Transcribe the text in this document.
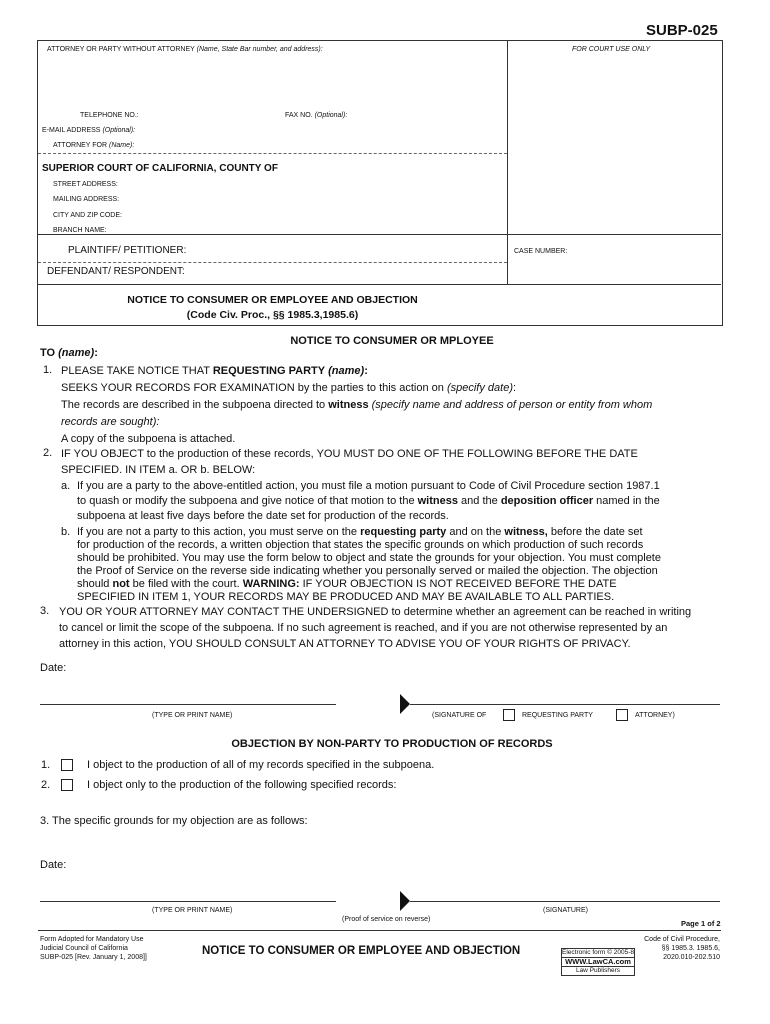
SUBP-025
ATTORNEY OR PARTY WITHOUT ATTORNEY (Name, State Bar number, and address):	FOR COURT USE ONLY
TELEPHONE NO.:	FAX NO. (Optional):
E-MAIL ADDRESS (Optional):
ATTORNEY FOR (Name):
SUPERIOR COURT OF CALIFORNIA, COUNTY OF
STREET ADDRESS:
MAILING ADDRESS:
CITY AND ZIP CODE:
BRANCH NAME:
PLAINTIFF/ PETITIONER:	CASE NUMBER:
DEFENDANT/ RESPONDENT:
NOTICE TO CONSUMER OR EMPLOYEE AND OBJECTION
(Code Civ. Proc., §§ 1985.3,1985.6)
NOTICE TO CONSUMER OR MPLOYEE
TO (name):
1. PLEASE TAKE NOTICE THAT REQUESTING PARTY (name):
SEEKS YOUR RECORDS FOR EXAMINATION by the parties to this action on (specify date):
The records are described in the subpoena directed to witness (specify name and address of person or entity from whom
records are sought):
A copy of the subpoena is attached.
2. IF YOU OBJECT to the production of these records, YOU MUST DO ONE OF THE FOLLOWING BEFORE THE DATE
SPECIFIED. IN ITEM a. OR b. BELOW:
a. If you are a party to the above-entitled action, you must file a motion pursuant to Code of Civil Procedure section 1987.1
to quash or modify the subpoena and give notice of that motion to the witness and the deposition officer named in the
subpoena at least five days before the date set for production of the records.
b. If you are not a party to this action, you must serve on the requesting party and on the witness, before the date set
for production of the records, a written objection that states the specific grounds on which production of such records
should be prohibited. You may use the form below to object and state the grounds for your objection. You must complete
the Proof of Service on the reverse side indicating whether you personally served or mailed the objection. The objection
should not be filed with the court. WARNING: IF YOUR OBJECTION IS NOT RECEIVED BEFORE THE DATE
SPECIFIED IN ITEM 1, YOUR RECORDS MAY BE PRODUCED AND MAY BE AVAILABLE TO ALL PARTIES.
3. YOU OR YOUR ATTORNEY MAY CONTACT THE UNDERSIGNED to determine whether an agreement can be reached in writing
to cancel or limit the scope of the subpoena. If no such agreement is reached, and if you are not otherwise represented by an
attorney in this action, YOU SHOULD CONSULT AN ATTORNEY TO ADVISE YOU OF YOUR RIGHTS OF PRIVACY.
Date:
(TYPE OR PRINT NAME)	(SIGNATURE OF	REQUESTING PARTY	ATTORNEY)
OBJECTION BY NON-PARTY TO PRODUCTION OF RECORDS
1.	I object to the production of all of my records specified in the subpoena.
2.	I object only to the production of the following specified records:
3. The specific grounds for my objection are as follows:
Date:
(TYPE OR PRINT NAME)	(SIGNATURE)
(Proof of service on reverse)	Page 1 of 2
Form Adopted for Mandatory Use
Judicial Council of California
SUBP-025 [Rev. January 1, 2008]]
NOTICE TO CONSUMER OR EMPLOYEE AND OBJECTION	Electronic form © 2005-8
WWW.LawCA.com
Law Publishers
Code of Civil Procedure,
§§ 1985.3. 1985.6,
2020.010-202.510
